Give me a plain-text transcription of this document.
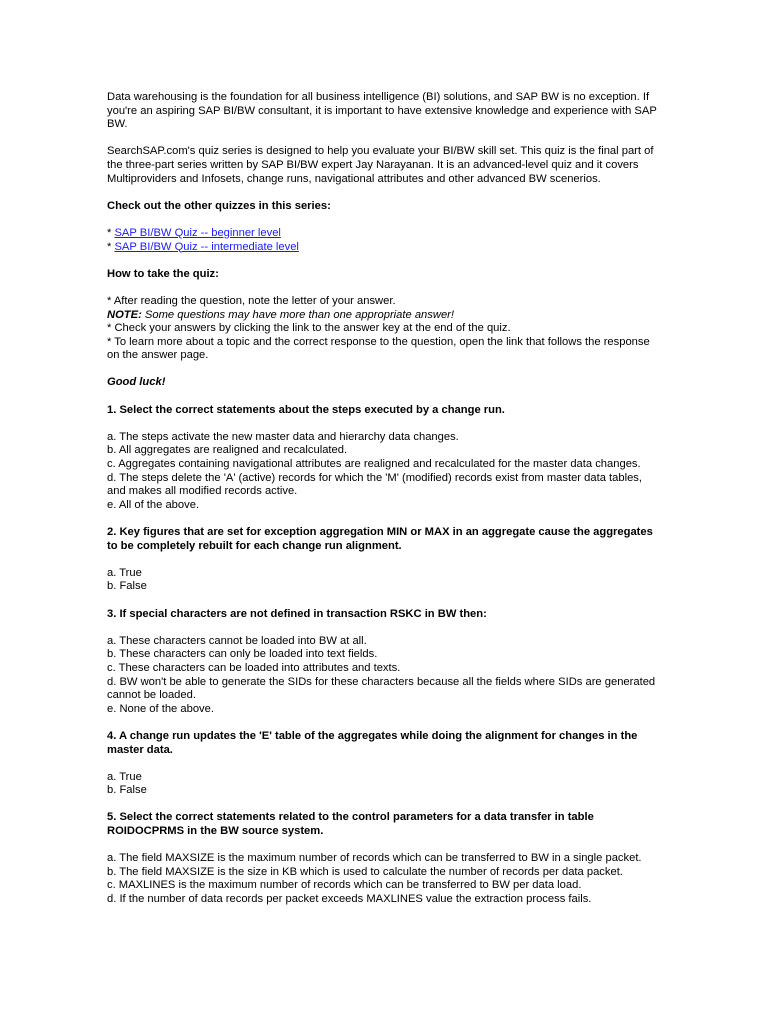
Data warehousing is the foundation for all business intelligence (BI) solutions, and SAP BW is no exception. If you're an aspiring SAP BI/BW consultant, it is important to have extensive knowledge and experience with SAP BW.

SearchSAP.com's quiz series is designed to help you evaluate your BI/BW skill set. This quiz is the final part of the three-part series written by SAP BI/BW expert Jay Narayanan. It is an advanced-level quiz and it covers Multiproviders and Infosets, change runs, navigational attributes and other advanced BW scenerios.

Check out the other quizzes in this series:

* SAP BI/BW Quiz -- beginner level

* SAP BI/BW Quiz -- intermediate level

How to take the quiz:

* After reading the question, note the letter of your answer.

NOTE: Some questions may have more than one appropriate answer!

* Check your answers by clicking the link to the answer key at the end of the quiz.

* To learn more about a topic and the correct response to the question, open the link that follows the response on the answer page.

Good luck!

1. Select the correct statements about the steps executed by a change run.

a. The steps activate the new master data and hierarchy data changes.

b. All aggregates are realigned and recalculated.

c. Aggregates containing navigational attributes are realigned and recalculated for the master data changes.

d. The steps delete the 'A' (active) records for which the 'M' (modified) records exist from master data tables, and makes all modified records active.

e. All of the above.

2. Key figures that are set for exception aggregation MIN or MAX in an aggregate cause the aggregates to be completely rebuilt for each change run alignment.

a. True

b. False

3. If special characters are not defined in transaction RSKC in BW then:

a. These characters cannot be loaded into BW at all.

b. These characters can only be loaded into text fields.

c. These characters can be loaded into attributes and texts.

d. BW won't be able to generate the SIDs for these characters because all the fields where SIDs are generated cannot be loaded.

e. None of the above.

4. A change run updates the 'E' table of the aggregates while doing the alignment for changes in the master data.

a. True

b. False

5. Select the correct statements related to the control parameters for a data transfer in table ROIDOCPRMS in the BW source system.

a. The field MAXSIZE is the maximum number of records which can be transferred to BW in a single packet.

b. The field MAXSIZE is the size in KB which is used to calculate the number of records per data packet.

c. MAXLINES is the maximum number of records which can be transferred to BW per data load.

d. If the number of data records per packet exceeds MAXLINES value the extraction process fails.
